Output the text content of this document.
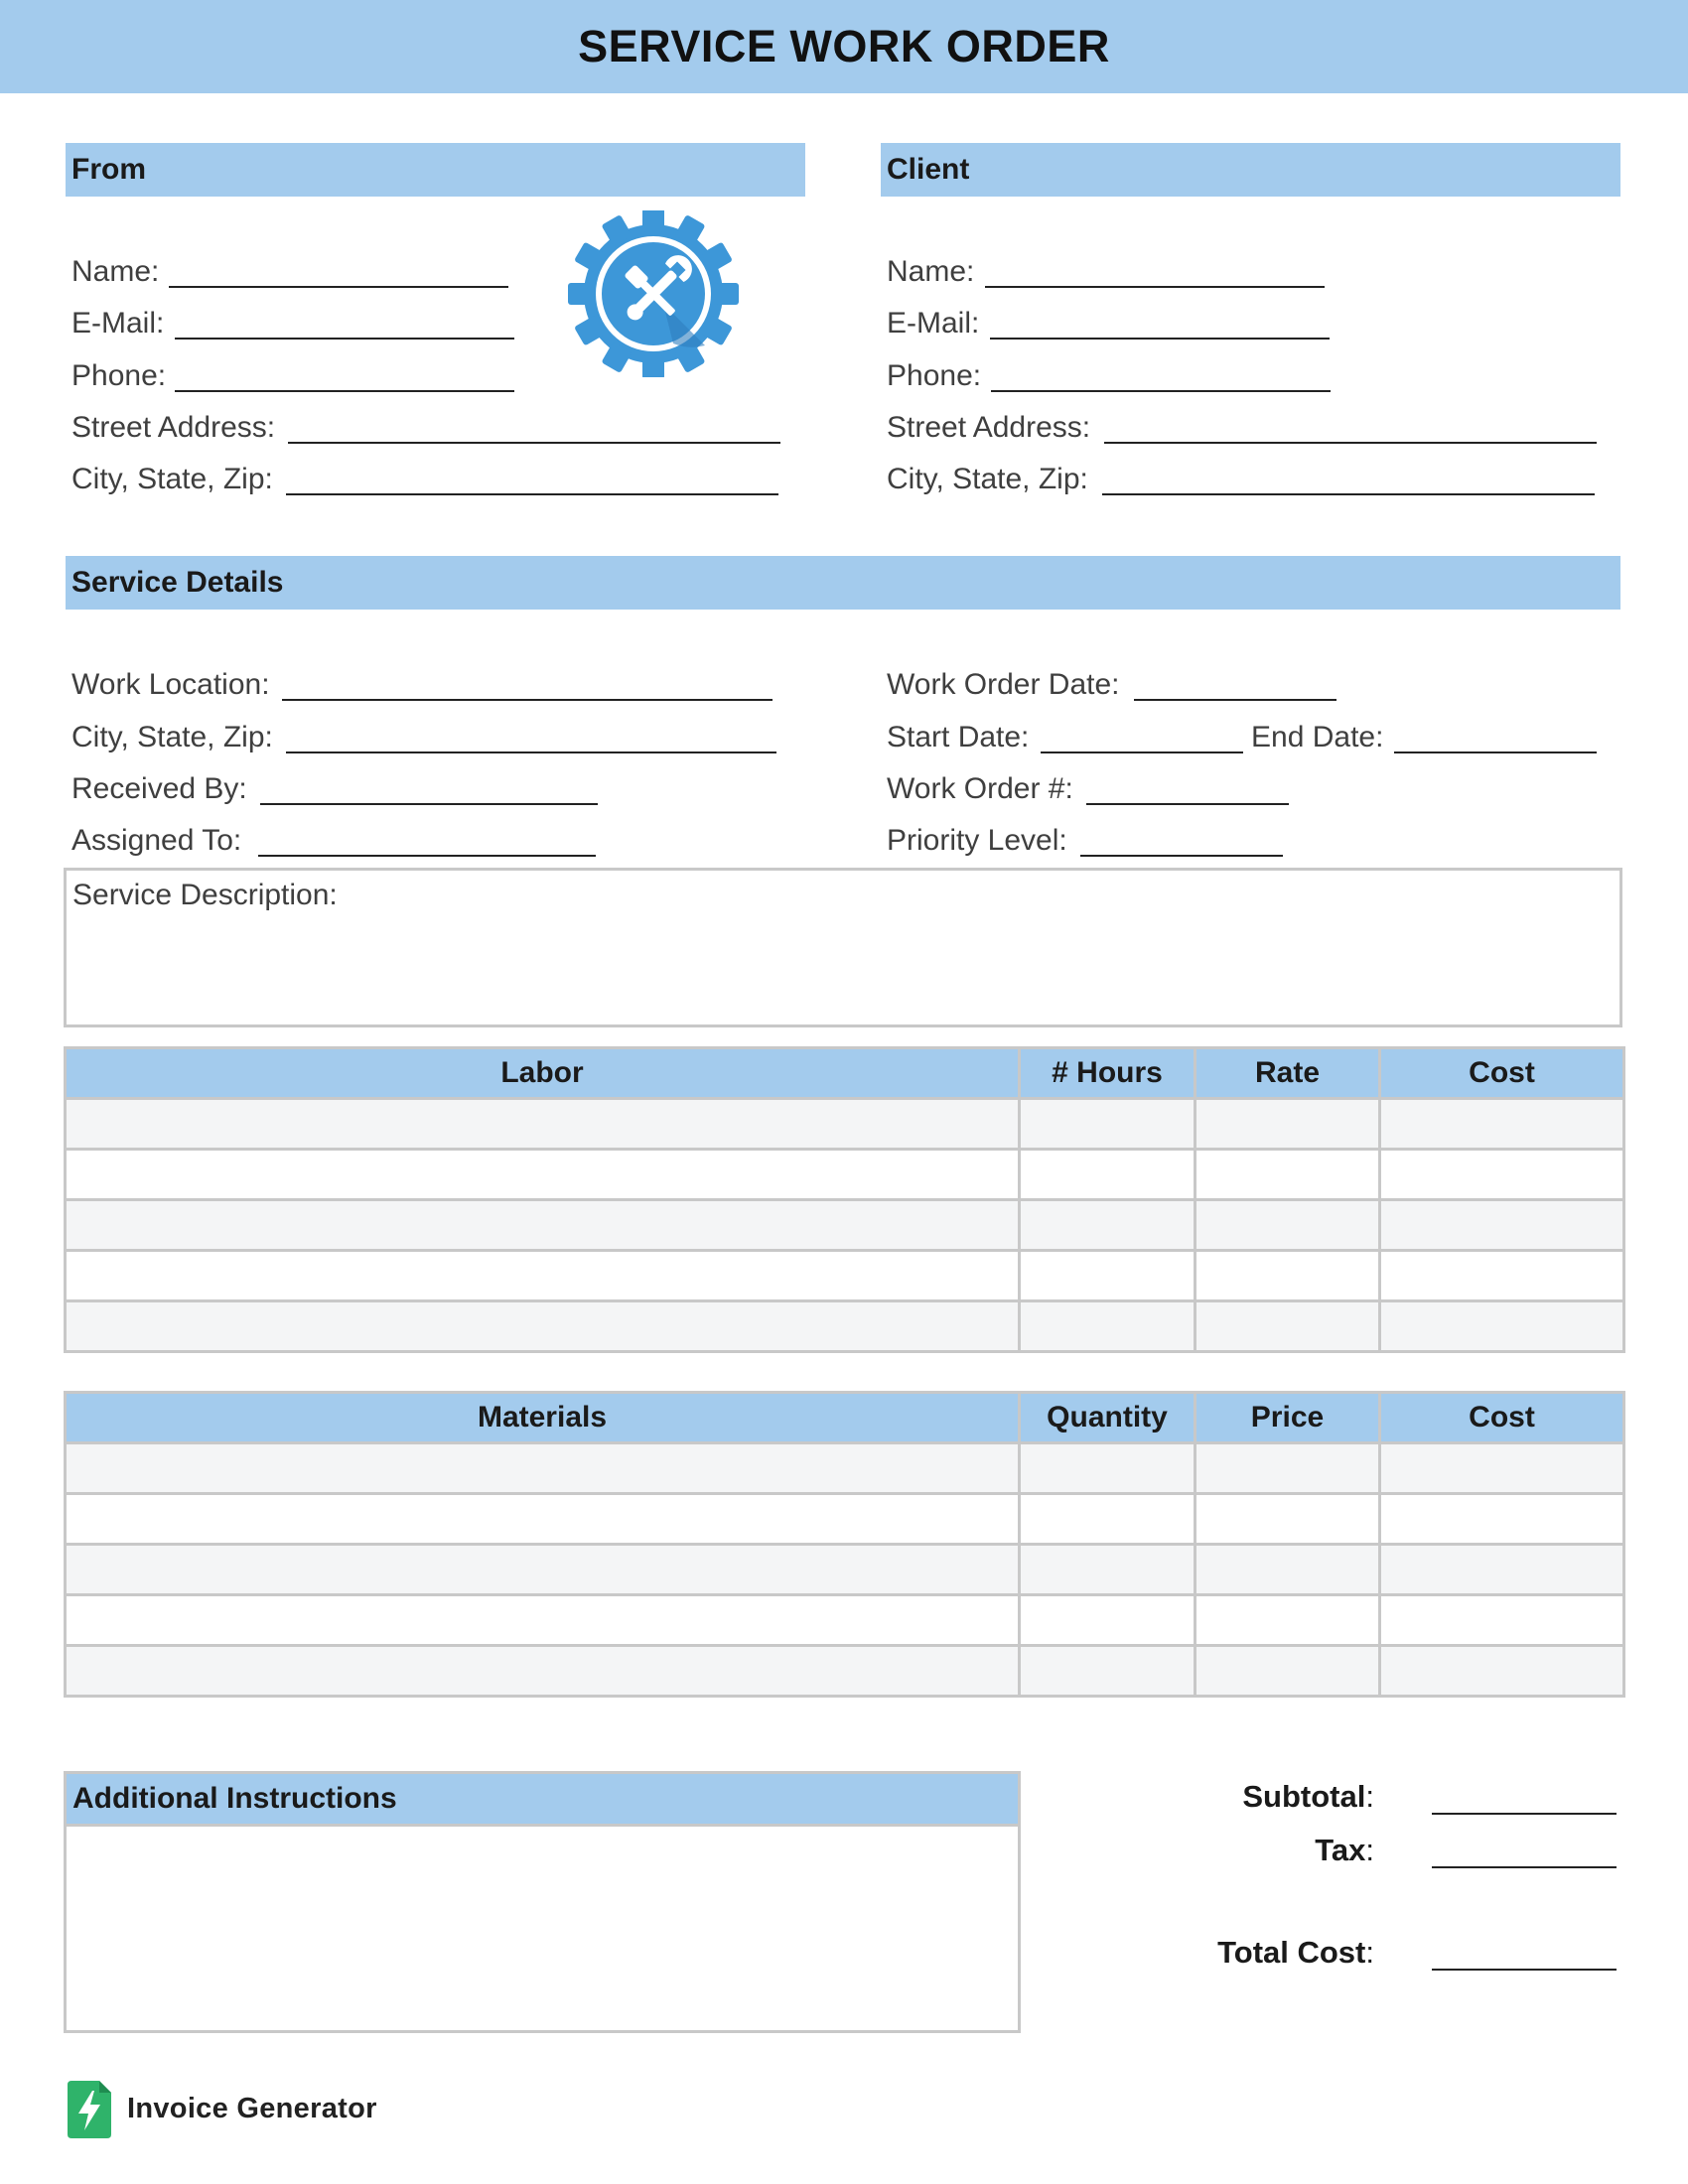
SERVICE WORK ORDER
From
Name:
E-Mail:
Phone:
Street Address:
City, State, Zip:
Client
Name:
E-Mail:
Phone:
Street Address:
City, State, Zip:
Service Details
Work Location:
City, State, Zip:
Received By:
Assigned To:
Work Order Date:
Start Date:	End Date:
Work Order #:
Priority Level:
Service Description:
Labor	# Hours	Rate	Cost

Materials	Quantity	Price	Cost

Additional Instructions	Subtotal:
Tax:
Total Cost:
Invoice Generator
